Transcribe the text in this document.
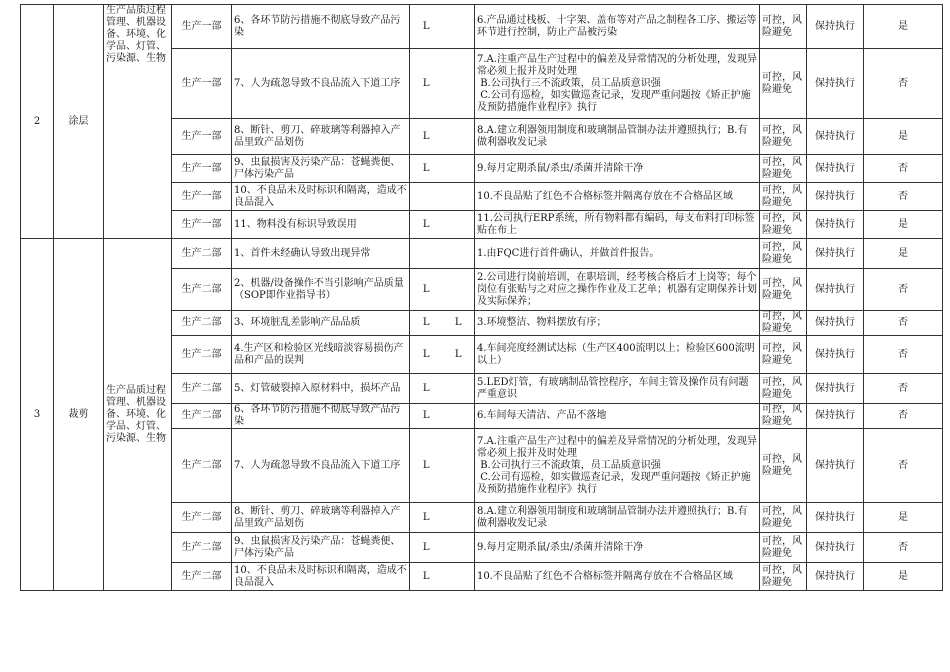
2	涂层	生产品质过程管理、机器设备、环境、化学品、灯管、污染源、生物	生产一部	6、各环节防污措施不彻底导致产品污染	L		6.产品通过栈板、十字架、盖布等对产品之制程各工序、搬运等环节进行控制，防止产品被污染	可控，风险避免	保持执行	是
			生产一部	7、人为疏忽导致不良品流入下道工序	L		7.A.注重产品生产过程中的偏差及异常情况的分析处理，发现异常必须上报并及时处理
B.公司执行三不流政策，员工品质意识强
C.公司有巡检，如实做巡查记录，发现严重问题按《矫正护施及预防措施作业程序》执行	可控，风险避免	保持执行	否
			生产一部	8、断针、剪刀、碎玻璃等利器掉入产品里致产品划伤	L		8.A.建立利器领用制度和玻璃制品管制办法并遵照执行；B.有做利器收发记录	可控，风险避免	保持执行	是
			生产一部	9、虫鼠损害及污染产品：苍蝇粪便、尸体污染产品	L		9.每月定期杀鼠/杀虫/杀菌并清除干净	可控，风险避免	保持执行	否
			生产一部	10、不良品未及时标识和隔离，造成不良品混入			10.不良品贴了红色不合格标签并隔离存放在不合格品区域	可控，风险避免	保持执行	否
			生产一部	11、物料没有标识导致误用	L		11.公司执行ERP系统，所有物料都有编码，每支布料打印标签贴在布上	可控，风险避免	保持执行	是
3	裁剪	生产品质过程管理、机器设备、环境、化学品、灯管、污染源、生物	生产二部	1、首件未经确认导致出现异常			1.由FQC进行首件确认，并做首件报告。	可控，风险避免	保持执行	是
			生产二部	2、机器/设备操作不当引影响产品质量（SOP即作业指导书）	L		2.公司进行岗前培训，在职培训，经考核合格后才上岗等；每个岗位有张贴与之对应之操作作业及工艺单；机器有定期保养计划及实际保养；	可控，风险避免	保持执行	否
			生产二部	3、环境脏乱差影响产品品质	L	L	3.环境整洁、物料摆放有序；	可控，风险避免	保持执行	否
			生产二部	4.生产区和检验区光线暗淡容易损伤产品和产品的误判	L	L	4.车间亮度经测试达标（生产区400流明以上；检验区600流明以上）	可控，风险避免	保持执行	否
			生产二部	5、灯管破裂掉入原材料中，损坏产品	L		5.LED灯管，有玻璃制品管控程序，车间主管及操作员有问题严重意识	可控，风险避免	保持执行	否
			生产二部	6、各环节防污措施不彻底导致产品污染	L		6.车间每天清洁、产品不落地	可控，风险避免	保持执行	否
			生产二部	7、人为疏忽导致不良品流入下道工序	L		7.A.注重产品生产过程中的偏差及异常情况的分析处理，发现异常必须上报并及时处理
B.公司执行三不流政策，员工品质意识强
C.公司有巡检，如实做巡查记录，发现严重问题按《矫正护施及预防措施作业程序》执行	可控，风险避免	保持执行	否
			生产二部	8、断针、剪刀、碎玻璃等利器掉入产品里致产品划伤	L		8.A.建立利器领用制度和玻璃制品管制办法并遵照执行；B.有做利器收发记录	可控，风险避免	保持执行	是
			生产二部	9、虫鼠损害及污染产品：苍蝇粪便、尸体污染产品	L		9.每月定期杀鼠/杀虫/杀菌并清除干净	可控，风险避免	保持执行	否
			生产二部	10、不良品未及时标识和隔离，造成不良品混入	L		10.不良品贴了红色不合格标签并隔离存放在不合格品区域	可控，风险避免	保持执行	是
